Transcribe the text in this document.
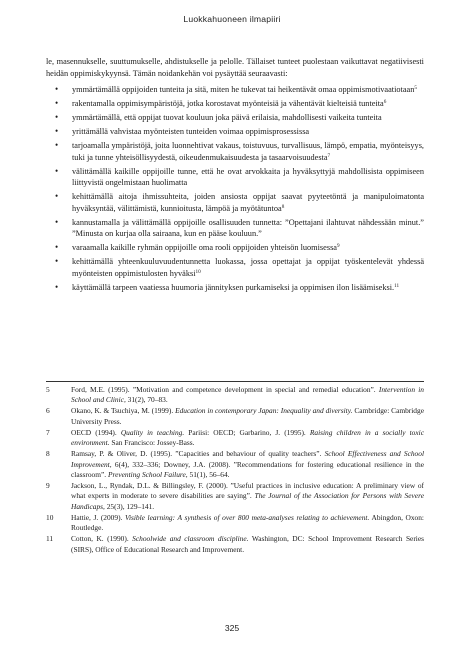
Luokkahuoneen ilmapiiri

le, masennukselle, suuttumukselle, ahdistukselle ja pelolle. Tällaiset tunteet puolestaan vaikuttavat negatiivisesti heidän oppimiskykyynsä. Tämän noidankehän voi pysäyttää seuraavasti:

• ymmärtämällä oppijoiden tunteita ja sitä, miten he tukevat tai heikentävät omaa oppimismotivaatiotaan$^5$
• rakentamalla oppimisympäristöjä, jotka korostavat myönteisiä ja vähentävät kielteisiä tunteita$^6$
• ymmärtämällä, että oppijat tuovat kouluun joka päivä erilaisia, mahdollisesti vaikeita tunteita
• yrittämällä vahvistaa myönteisten tunteiden voimaa oppimisprosessissa
• tarjoamalla ympäristöjä, joita luonnehtivat vakaus, toistuvuus, turvallisuus, lämpö, empatia, myönteisyys, tuki ja tunne yhteisöllisyydestä, oikeudenmukaisuudesta ja tasaarvoisuudesta$^7$
• välittämällä kaikille oppijoille tunne, että he ovat arvokkaita ja hyväksyttyjä mahdollisista oppimiseen liittyvistä ongelmistaan huolimatta
• kehittämällä aitoja ihmissuhteita, joiden ansiosta oppijat saavat pyyteetöntä ja manipuloimatonta hyväksyntää, välittämistä, kunnioitusta, lämpöä ja myötätuntoa$^8$
• kannustamalla ja välittämällä oppijoille osallisuuden tunnetta: ”Opettajani ilahtuvat nähdessään minut.” ”Minusta on kurjaa olla sairaana, kun en pääse kouluun.”
• varaamalla kaikille ryhmän oppijoille oma rooli oppijoiden yhteisön luomisessa$^9$
• kehittämällä yhteenkuuluvuudentunnetta luokassa, jossa opettajat ja oppijat työskentelevät yhdessä myönteisten oppimistulosten hyväksi$^{10}$
• käyttämällä tarpeen vaatiessa huumoria jännityksen purkamiseksi ja oppimisen ilon lisäämiseksi.$^{11}$
5	Ford, M.E. (1995). ”Motivation and competence development in special and remedial education”. Intervention in School and Clinic, 31(2), 70–83.
6	Okano, K. & Tsuchiya, M. (1999). Education in contemporary Japan: Inequality and diversity. Cambridge: Cambridge University Press.
7	OECD (1994). Quality in teaching. Pariisi: OECD; Garbarino, J. (1995). Raising children in a socially toxic environment. San Francisco: Jossey-Bass.
8	Ramsay, P. & Oliver, D. (1995). ”Capacities and behaviour of quality teachers”. School Effectiveness and School Improvement, 6(4), 332–336; Downey, J.A. (2008). ”Recommendations for fostering educational resilience in the classroom”. Preventing School Failure, 51(1), 56–64.
9	Jackson, L., Ryndak, D.L. & Billingsley, F. (2000). ”Useful practices in inclusive education: A preliminary view of what experts in moderate to severe disabilities are saying”. The Journal of the Association for Persons with Severe Handicaps, 25(3), 129–141.
10 Hattie, J. (2009). Visible learning: A synthesis of over 800 meta-analyses relating to achievement. Abingdon, Oxon: Routledge.
11 Cotton, K. (1990). Schoolwide and classroom discipline. Washington, DC: School Improvement Research Series (SIRS), Office of Educational Research and Improvement.
325
